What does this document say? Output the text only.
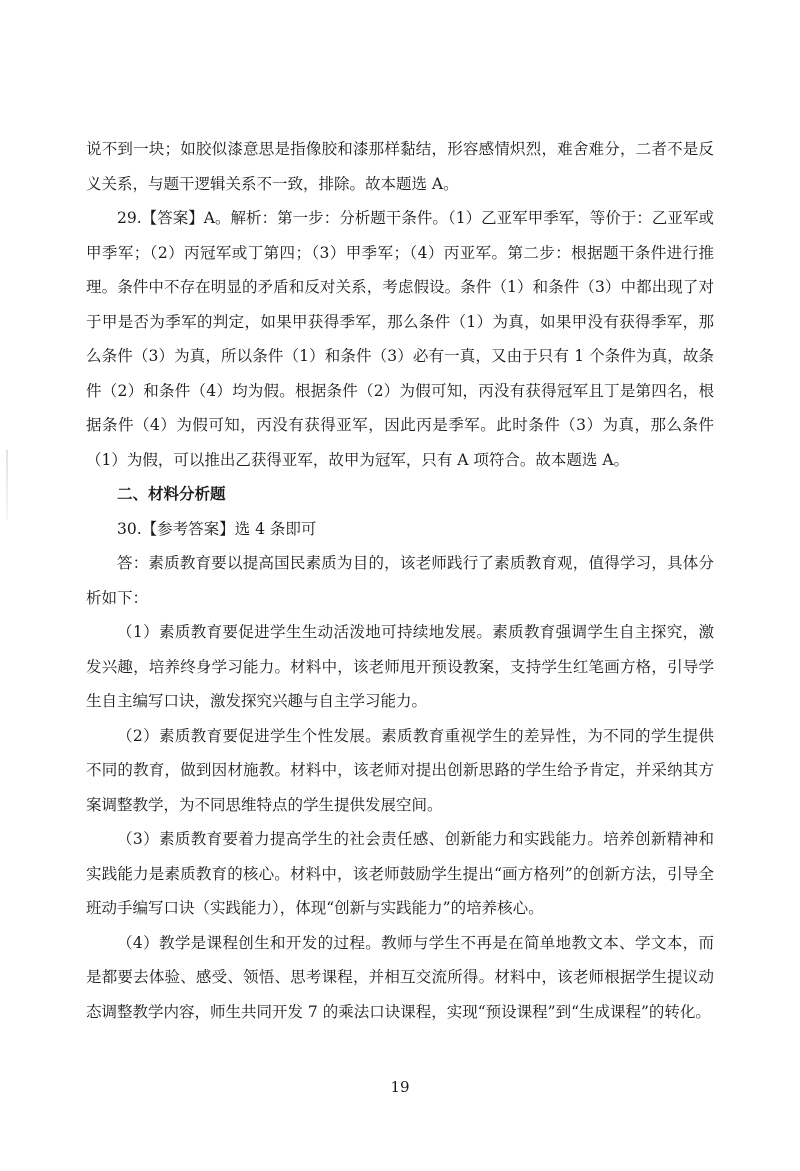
说不到一块；如胶似漆意思是指像胶和漆那样黏结，形容感情炽烈，难舍难分，二者不是反义关系，与题干逻辑关系不一致，排除。故本题选 A。

29.【答案】A。解析：第一步：分析题干条件。（1）乙亚军甲季军，等价于：乙亚军或甲季军；（2）丙冠军或丁第四；（3）甲季军；（4）丙亚军。第二步：根据题干条件进行推理。条件中不存在明显的矛盾和反对关系，考虑假设。条件（1）和条件（3）中都出现了对于甲是否为季军的判定，如果甲获得季军，那么条件（1）为真，如果甲没有获得季军，那么条件（3）为真，所以条件（1）和条件（3）必有一真，又由于只有 1 个条件为真，故条件（2）和条件（4）均为假。根据条件（2）为假可知，丙没有获得冠军且丁是第四名，根据条件（4）为假可知，丙没有获得亚军，因此丙是季军。此时条件（3）为真，那么条件（1）为假，可以推出乙获得亚军，故甲为冠军，只有 A 项符合。故本题选 A。

二、材料分析题

30.【参考答案】选 4 条即可

答：素质教育要以提高国民素质为目的，该老师践行了素质教育观，值得学习，具体分析如下：

（1）素质教育要促进学生生动活泼地可持续地发展。素质教育强调学生自主探究，激发兴趣，培养终身学习能力。材料中，该老师甩开预设教案，支持学生红笔画方格，引导学生自主编写口诀，激发探究兴趣与自主学习能力。

（2）素质教育要促进学生个性发展。素质教育重视学生的差异性，为不同的学生提供不同的教育，做到因材施教。材料中，该老师对提出创新思路的学生给予肯定，并采纳其方案调整教学，为不同思维特点的学生提供发展空间。

（3）素质教育要着力提高学生的社会责任感、创新能力和实践能力。培养创新精神和实践能力是素质教育的核心。材料中，该老师鼓励学生提出“画方格列”的创新方法，引导全班动手编写口诀（实践能力），体现“创新与实践能力”的培养核心。

（4）教学是课程创生和开发的过程。教师与学生不再是在简单地教文本、学文本，而是都要去体验、感受、领悟、思考课程，并相互交流所得。材料中，该老师根据学生提议动态调整教学内容，师生共同开发 7 的乘法口诀课程，实现“预设课程”到“生成课程”的转化。

19
